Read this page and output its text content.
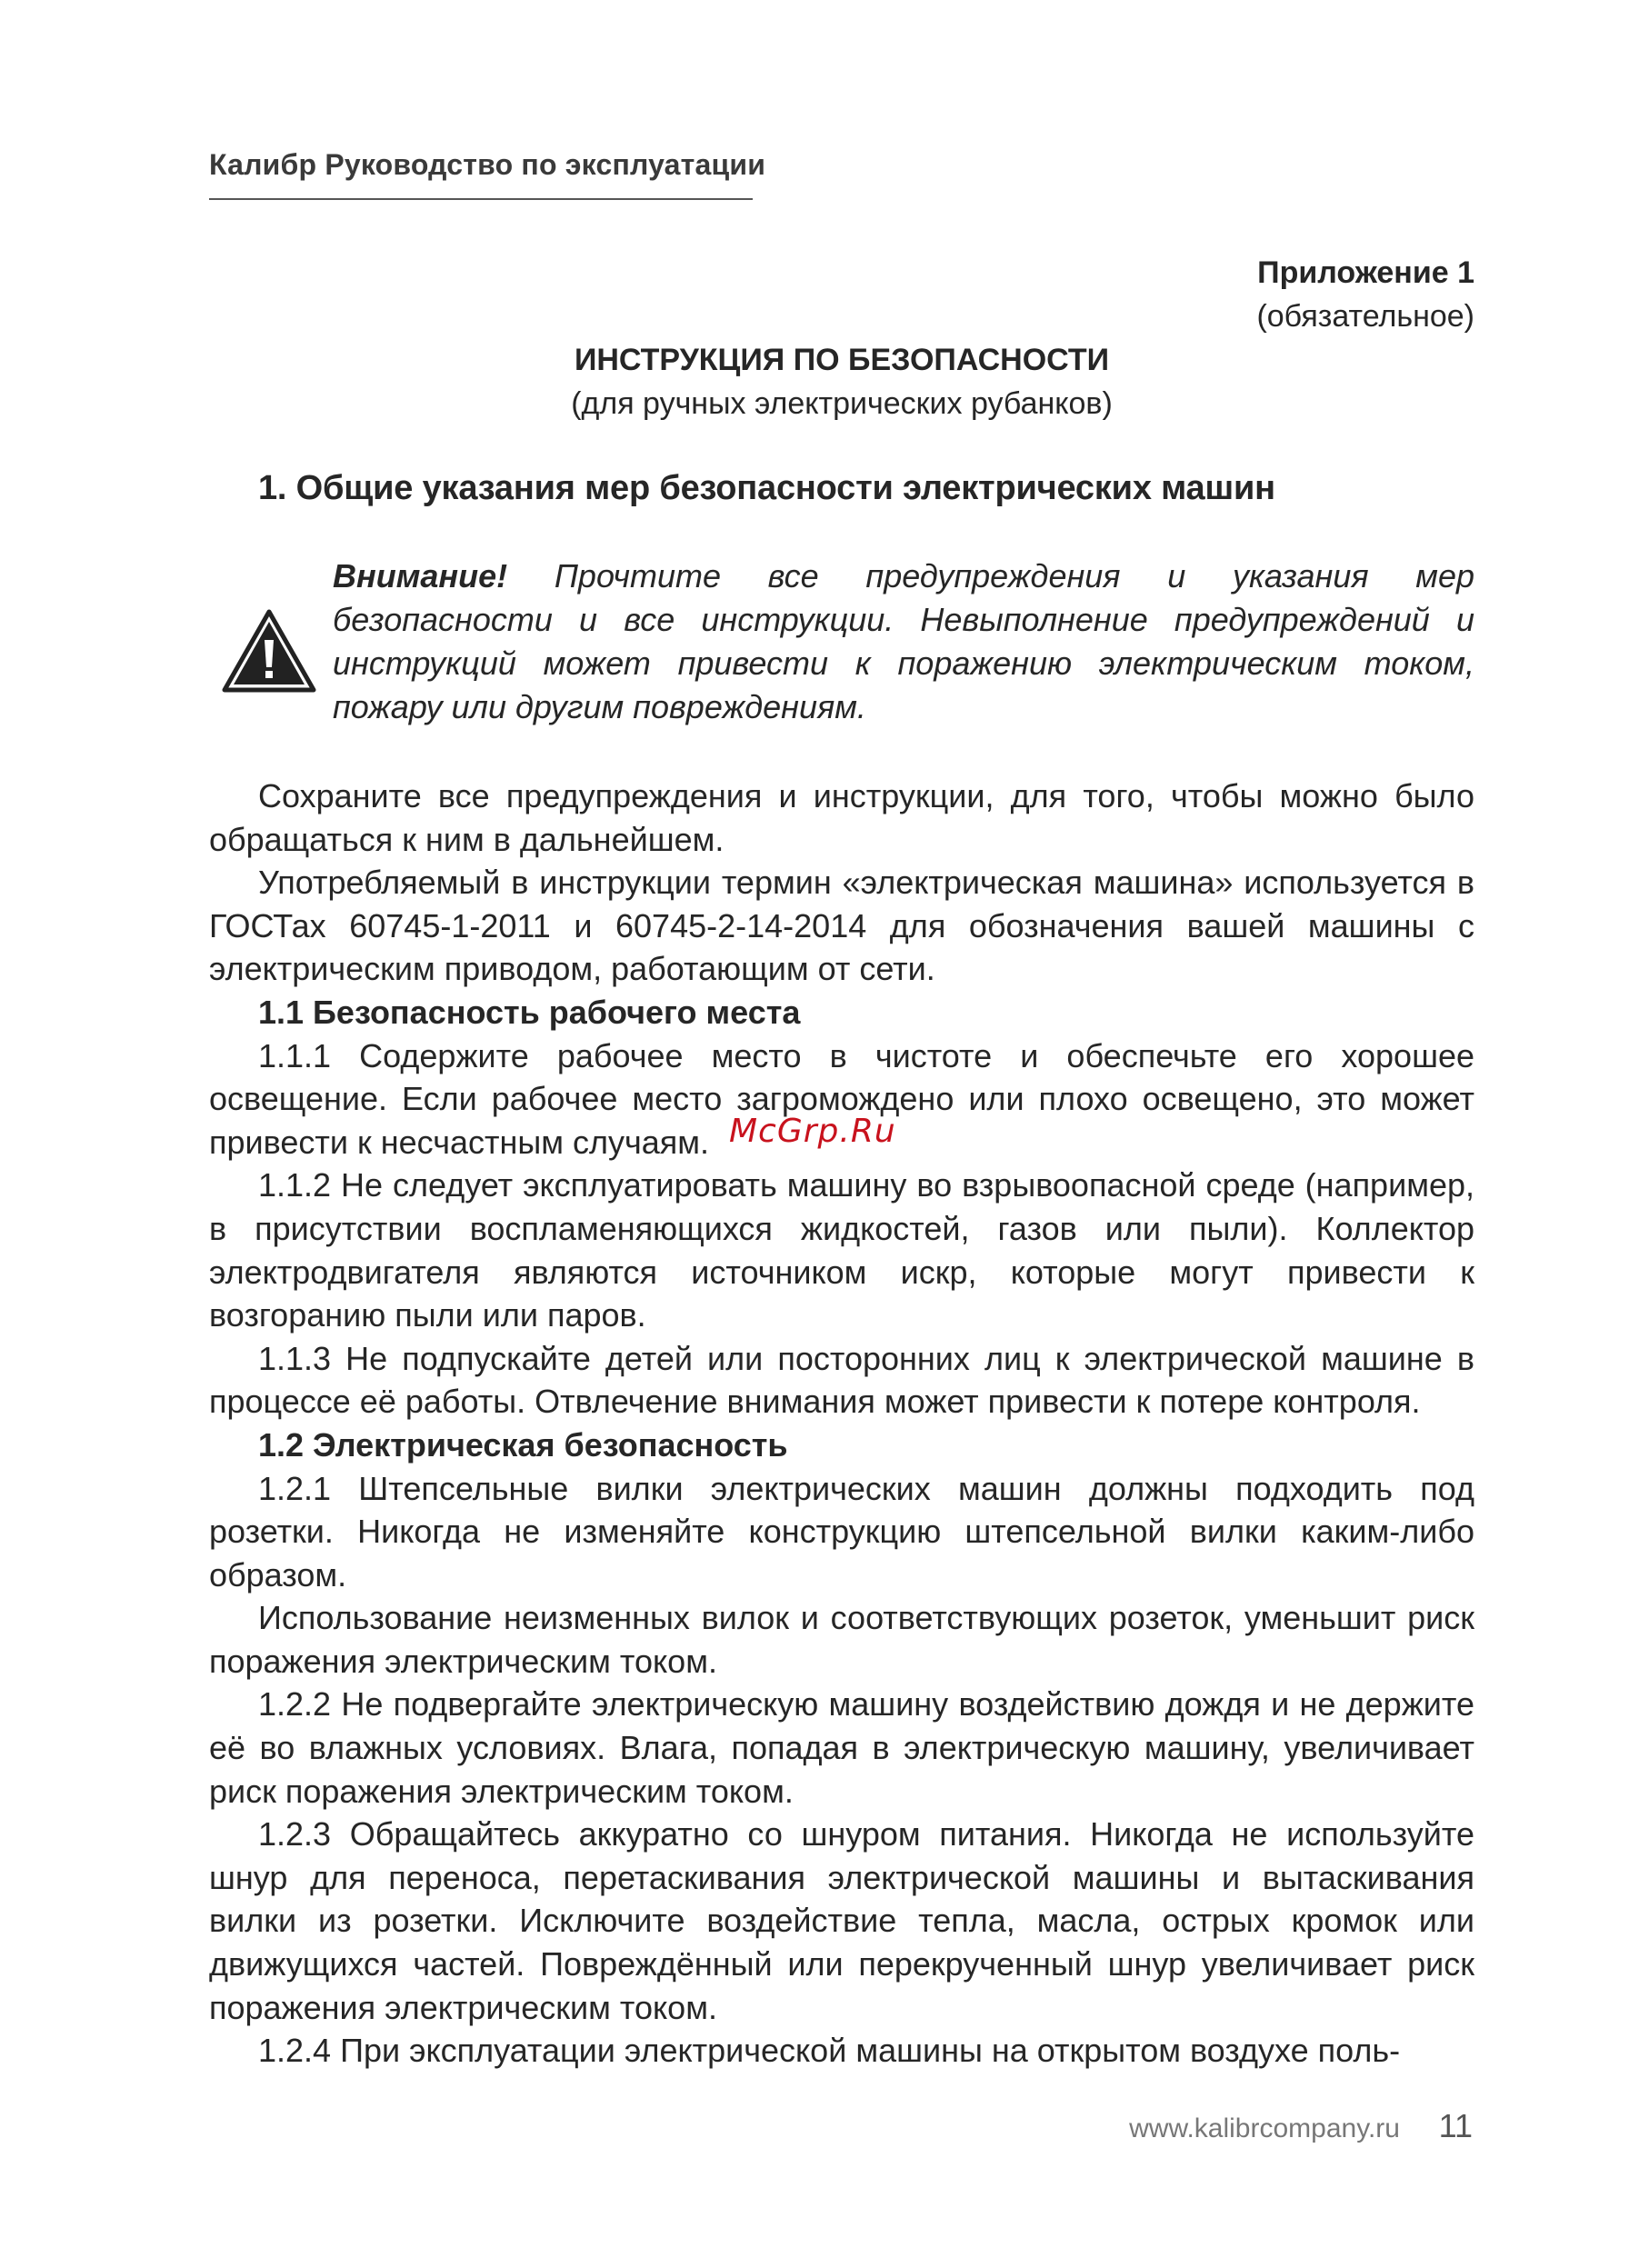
Калибр Руководство по эксплуатации
Приложение 1
(обязательное)
ИНСТРУКЦИЯ ПО БЕЗОПАСНОСТИ
(для ручных электрических рубанков)
1. Общие указания мер безопасности электрических машин
Внимание! Прочтите все предупреждения и указания мер безопасности и все инструкции. Невыполнение предупреждений и инструкций может привести к поражению электрическим током, пожару или другим повреждениям.

Сохраните все предупреждения и инструкции, для того, чтобы можно было обращаться к ним в дальнейшем.

Употребляемый в инструкции термин «электрическая машина» используется в ГОСТах 60745-1-2011 и 60745-2-14-2014 для обозначения вашей машины с электрическим приводом, работающим от сети.

1.1 Безопасность рабочего места

1.1.1 Содержите рабочее место в чистоте и обеспечьте его хорошее освещение. Если рабочее место загромождено или плохо освещено, это может привести к несчастным случаям.

1.1.2 Не следует эксплуатировать машину во взрывоопасной среде (например, в присутствии воспламеняющихся жидкостей, газов или пыли). Коллектор электродвигателя являются источником искр, которые могут привести к возгоранию пыли или паров.

1.1.3 Не подпускайте детей или посторонних лиц к электрической машине в процессе её работы. Отвлечение внимания может привести к потере контроля.

1.2 Электрическая безопасность

1.2.1 Штепсельные вилки электрических машин должны подходить под розетки. Никогда не изменяйте конструкцию штепсельной вилки каким-либо образом.

Использование неизменных вилок и соответствующих розеток, уменьшит риск поражения электрическим током.

1.2.2 Не подвергайте электрическую машину воздействию дождя и не держите её во влажных условиях. Влага, попадая в электрическую машину, увеличивает риск поражения электрическим током.

1.2.3 Обращайтесь аккуратно со шнуром питания. Никогда не используйте шнур для переноса, перетаскивания электрической машины и вытаскивания вилки из розетки. Исключите воздействие тепла, масла, острых кромок или движущихся частей. Повреждённый или перекрученный шнур увеличивает риск поражения электрическим током.

1.2.4 При эксплуатации электрической машины на открытом воздухе поль-

McGrp.Ru
www.kalibrcompany.ru 11
